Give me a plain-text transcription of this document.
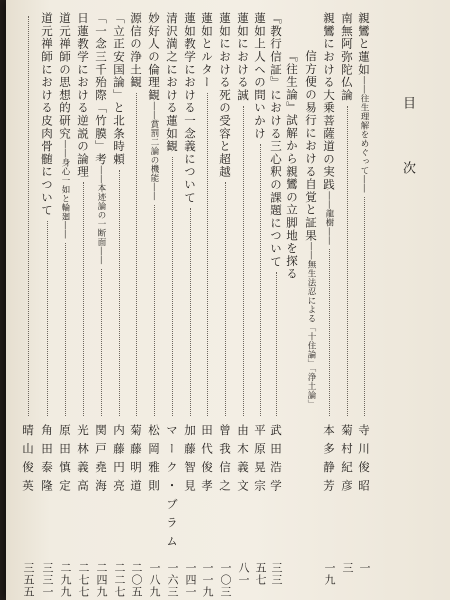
目次
親鸞と蓮如――往生理解をめぐって――
寺川俊昭
一
南無阿弥陀仏論
菊村紀彦
三
親鸞における大乗菩薩道の実践――龍樹――
本多静芳
一九
信方便の易行における自覚と証果――無生法忍による「十住論」「浄土論」
『教行信証』における三心釈の課題について
武田浩学
三三
『往生論』試解から親鸞の立脚地を探る
蓮如上人への問いかけ
平原晃宗
五七
蓮如における誠
由木義文
八一
蓮如における死の受容と超越
曾我信之
一〇三
蓮如とルター
田代俊孝
一一九
蓮如教学における一念義について
加藤智見
一四一
清沢満之における蓮如観
マーク・ブラム
一六三
妙好人の倫理観――賞罰二論の機能――
松岡雅則
一八九
源信の浄土観
菊藤明道
二〇五
「立正安国論」と北条時頼
内藤円亮
二二七
「一念三千殆際「竹膜」考――本迹論の一断面――
関戸堯海
二四九
日蓮教学における逆説の論理
光林義高
二七七
道元禅師の思想的研究――身心一如と輪廻――
原田慎定
二九九
道元禅師における皮肉骨髄について
角田泰隆
三三一
晴山俊英
三五五
